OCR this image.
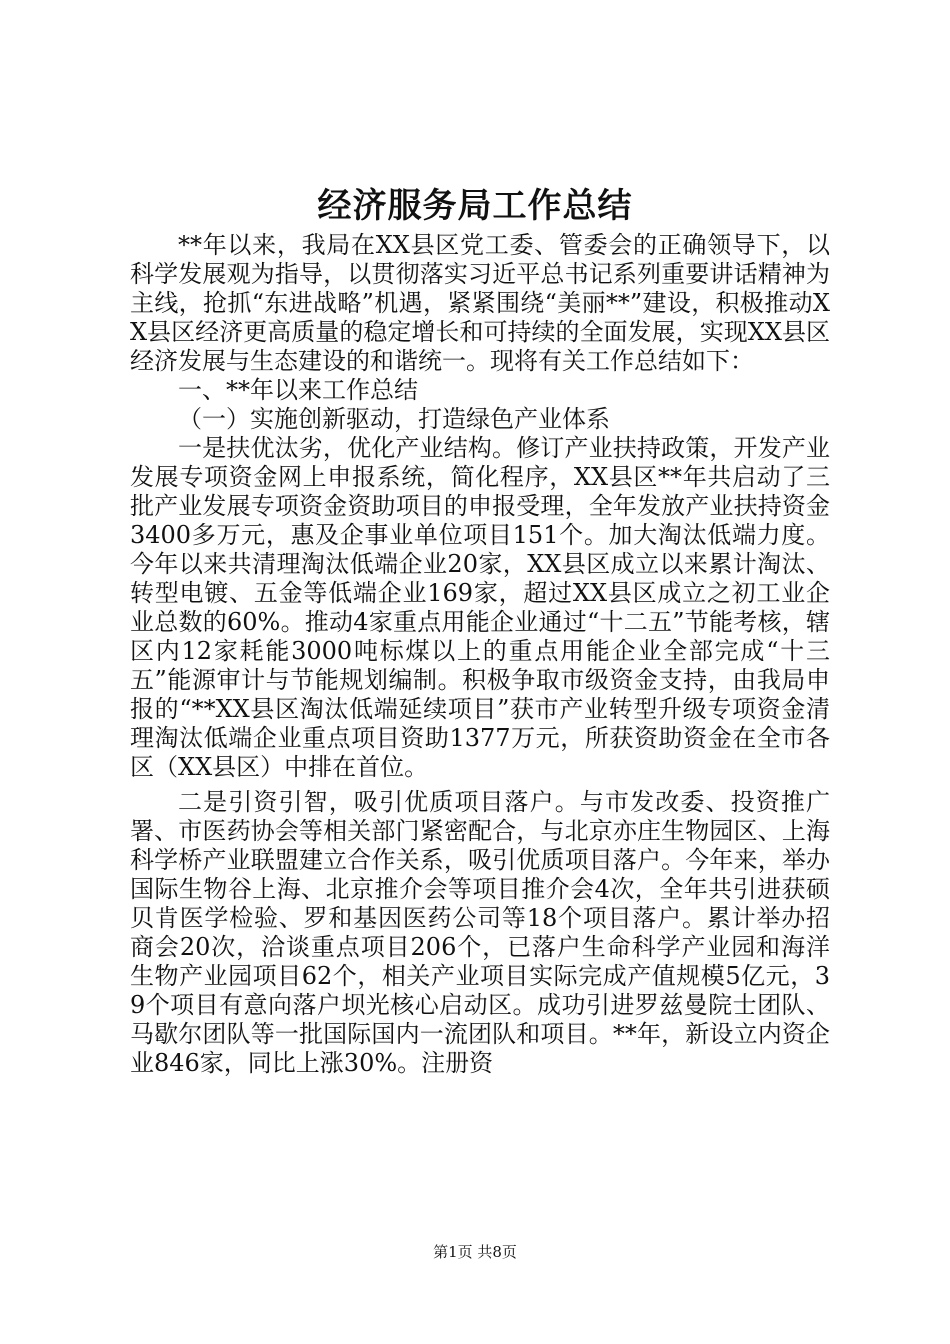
经济服务局工作总结

**年以来，我局在XX县区党工委、管委会的正确领导下，以科学发展观为指导，以贯彻落实习近平总书记系列重要讲话精神为主线，抢抓“东进战略”机遇，紧紧围绕“美丽**”建设，积极推动XX县区经济更高质量的稳定增长和可持续的全面发展，实现XX县区经济发展与生态建设的和谐统一。现将有关工作总结如下：

一、**年以来工作总结

（一）实施创新驱动，打造绿色产业体系

一是扶优汰劣，优化产业结构。修订产业扶持政策，开发产业发展专项资金网上申报系统，简化程序，XX县区**年共启动了三批产业发展专项资金资助项目的申报受理，全年发放产业扶持资金3400多万元，惠及企事业单位项目151个。加大淘汰低端力度。今年以来共清理淘汰低端企业20家，XX县区成立以来累计淘汰、转型电镀、五金等低端企业169家，超过XX县区成立之初工业企业总数的60%。推动4家重点用能企业通过“十二五”节能考核，辖区内12家耗能3000吨标煤以上的重点用能企业全部完成“十三五”能源审计与节能规划编制。积极争取市级资金支持，由我局申报的“**XX县区淘汰低端延续项目”获市产业转型升级专项资金清理淘汰低端企业重点项目资助1377万元，所获资助资金在全市各区（XX县区）中排在首位。

二是引资引智，吸引优质项目落户。与市发改委、投资推广署、市医药协会等相关部门紧密配合，与北京亦庄生物园区、上海科学桥产业联盟建立合作关系，吸引优质项目落户。今年来，举办国际生物谷上海、北京推介会等项目推介会4次，全年共引进获硕贝肯医学检验、罗和基因医药公司等18个项目落户。累计举办招商会20次，洽谈重点项目206个，已落户生命科学产业园和海洋生物产业园项目62个，相关产业项目实际完成产值规模5亿元，39个项目有意向落户坝光核心启动区。成功引进罗兹曼院士团队、马歇尔团队等一批国际国内一流团队和项目。**年，新设立内资企业846家，同比上涨30%。注册资

第1页 共8页
